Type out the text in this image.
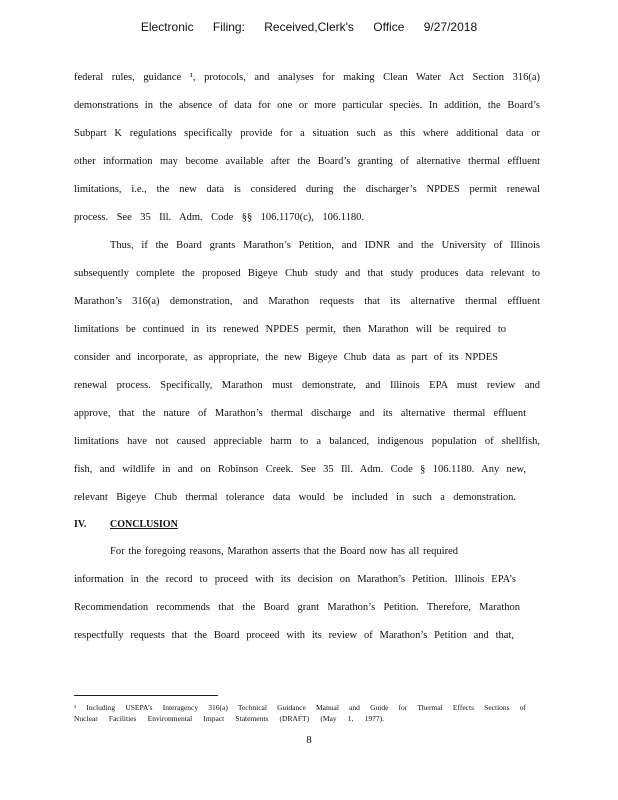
Electronic Filing: Received,Clerk's Office 9/27/2018
federal rules, guidance ¹, protocols, and analyses for making Clean Water Act Section 316(a)
demonstrations in the absence of data for one or more particular species. In addition, the Board’s
Subpart K regulations specifically provide for a situation such as this where additional data or
other information may become available after the Board’s granting of alternative thermal effluent
limitations, i.e., the new data is considered during the discharger’s NPDES permit renewal
process. See 35 Ill. Adm. Code §§ 106.1170(c), 106.1180.
Thus, if the Board grants Marathon’s Petition, and IDNR and the University of Illinois
subsequently complete the proposed Bigeye Chub study and that study produces data relevant to
Marathon’s 316(a) demonstration, and Marathon requests that its alternative thermal effluent
limitations be continued in its renewed NPDES permit, then Marathon will be required to
consider and incorporate, as appropriate, the new Bigeye Chub data as part of its NPDES
renewal process. Specifically, Marathon must demonstrate, and Illinois EPA must review and
approve, that the nature of Marathon’s thermal discharge and its alternative thermal effluent
limitations have not caused appreciable harm to a balanced, indigenous population of shellfish,
fish, and wildlife in and on Robinson Creek. See 35 Ill. Adm. Code § 106.1180. Any new,
relevant Bigeye Chub thermal tolerance data would be included in such a demonstration.
IV. CONCLUSION
For the foregoing reasons, Marathon asserts that the Board now has all required
information in the record to proceed with its decision on Marathon’s Petition. Illinois EPA’s
Recommendation recommends that the Board grant Marathon’s Petition. Therefore, Marathon
respectfully requests that the Board proceed with its review of Marathon’s Petition and that,
¹ Including USEPA’s Interagency 316(a) Technical Guidance Manual and Guide for Thermal Effects Sections of
Nuclear Facilities Environmental Impact Statements (DRAFT) (May 1, 1977).
8
